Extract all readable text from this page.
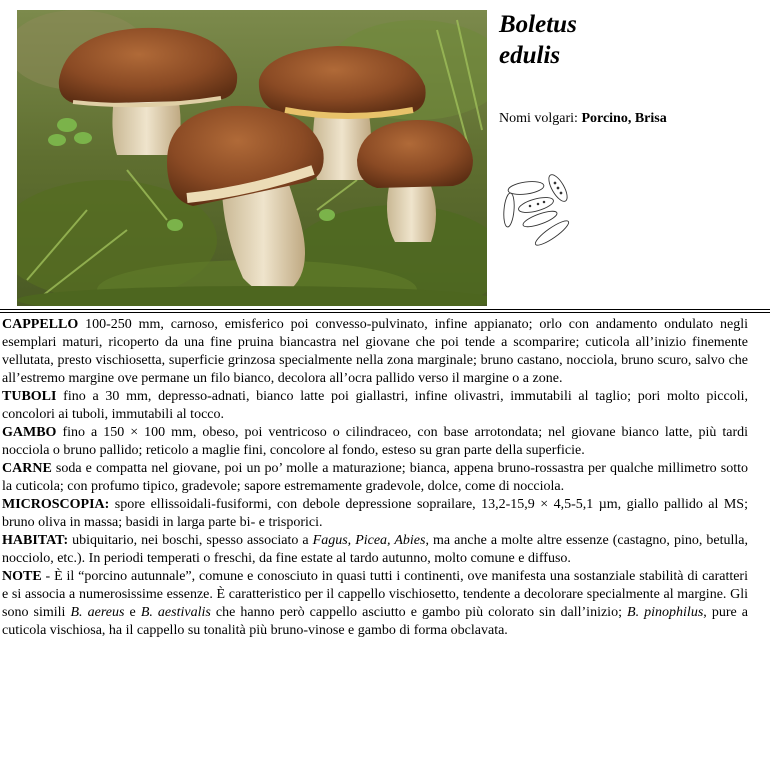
Boletus
edulis
Nomi volgari: Porcino, Brisa

CAPPELLO 100-250 mm, carnoso, emisferico poi convesso-pulvinato, infine appianato; orlo con andamento ondulato negli esemplari maturi, ricoperto da una fine pruina biancastra nel giovane che poi tende a scomparire; cuticola all’inizio finemente vellutata, presto vischiosetta, superficie grinzosa specialmente nella zona marginale; bruno castano, nocciola, bruno scuro, salvo che all’estremo margine ove permane un filo bianco, decolora all’ocra pallido verso il margine o a zone.

TUBOLI fino a 30 mm, depresso-adnati, bianco latte poi giallastri, infine olivastri, immutabili al taglio; pori molto piccoli, concolori ai tuboli, immutabili al tocco.

GAMBO fino a 150 × 100 mm, obeso, poi ventricoso o cilindraceo, con base arrotondata; nel giovane bianco latte, più tardi nocciola o bruno pallido; reticolo a maglie fini, concolore al fondo, esteso su gran parte della superficie.

CARNE soda e compatta nel giovane, poi un po’ molle a maturazione; bianca, appena bruno-rossastra per qualche millimetro sotto la cuticola; con profumo tipico, gradevole; sapore estremamente gradevole, dolce, come di nocciola.

MICROSCOPIA: spore ellissoidali-fusiformi, con debole depressione soprailare, 13,2-15,9 × 4,5-5,1 µm, giallo pallido al MS; bruno oliva in massa; basidi in larga parte bi- e trisporici.

HABITAT: ubiquitario, nei boschi, spesso associato a Fagus, Picea, Abies, ma anche a molte altre essenze (castagno, pino, betulla, nocciolo, etc.). In periodi temperati o freschi, da fine estate al tardo autunno, molto comune e diffuso.

NOTE - È il “porcino autunnale”, comune e conosciuto in quasi tutti i continenti, ove manifesta una sostanziale stabilità di caratteri e si associa a numerosissime essenze. È caratteristico per il cappello vischiosetto, tendente a decolorare specialmente al margine. Gli sono simili B. aereus e B. aestivalis che hanno però cappello asciutto e gambo più colorato sin dall’inizio; B. pinophilus, pure a cuticola vischiosa, ha il cappello su tonalità più bruno-vinose e gambo di forma obclavata.
